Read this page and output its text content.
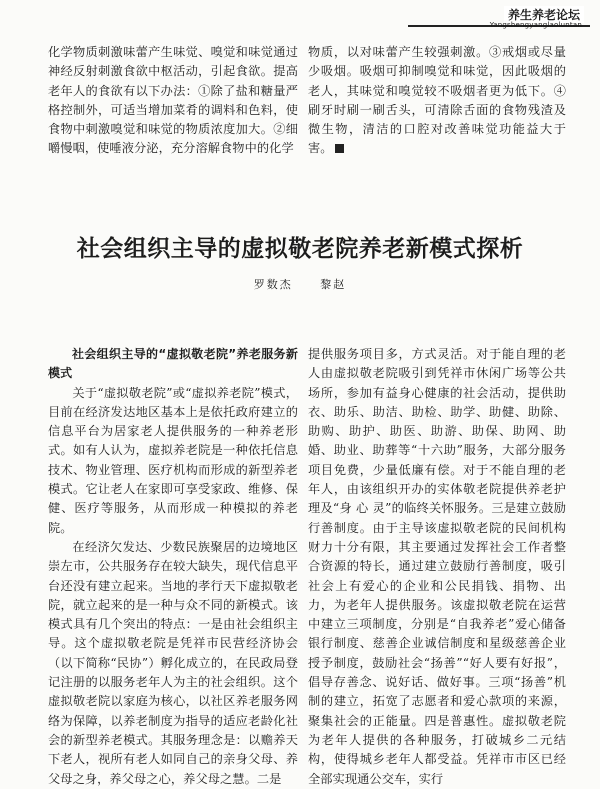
养生养老论坛
Yangshengyanglaoluntan

化学物质刺激味蕾产生味觉、嗅觉和味觉通过神经反射刺激食欲中枢活动，引起食欲。提高老年人的食欲有以下办法：①除了盐和糖量严格控制外，可适当增加菜肴的调料和色料，使食物中刺激嗅觉和味觉的物质浓度加大。②细嚼慢咽，使唾液分泌，充分溶解食物中的化学

物质，以对味蕾产生较强刺激。③戒烟或尽量少吸烟。吸烟可抑制嗅觉和味觉，因此吸烟的老人，其味觉和嗅觉较不吸烟者更为低下。④刷牙时刷一刷舌头，可清除舌面的食物残渣及微生物，清洁的口腔对改善味觉功能益大于害。

社会组织主导的虚拟敬老院养老新模式探析
罗数杰	黎赵

社会组织主导的“虚拟敬老院”养老服务新模式

关于“虚拟敬老院”或“虚拟养老院”模式，目前在经济发达地区基本上是依托政府建立的信息平台为居家老人提供服务的一种养老形式。如有人认为，虚拟养老院是一种依托信息技术、物业管理、医疗机构而形成的新型养老模式。它让老人在家即可享受家政、维修、保健、医疗等服务，从而形成一种模拟的养老院。

在经济欠发达、少数民族聚居的边境地区崇左市，公共服务存在较大缺失，现代信息平台还没有建立起来。当地的孝行天下虚拟敬老院，就立起来的是一种与众不同的新模式。该模式具有几个突出的特点：一是由社会组织主导。这个虚拟敬老院是凭祥市民营经济协会（以下简称“民协”）孵化成立的，在民政局登记注册的以服务老年人为主的社会组织。这个虚拟敬老院以家庭为核心，以社区养老服务网络为保障，以养老制度为指导的适应老龄化社会的新型养老模式。其服务理念是：以赡养天下老人，视所有老人如同自己的亲身父母、养父母之身，养父母之心，养父母之慧。二是

提供服务项目多，方式灵活。对于能自理的老人由虚拟敬老院吸引到凭祥市休闲广场等公共场所，参加有益身心健康的社会活动，提供助衣、助乐、助洁、助检、助学、助健、助除、助购、助护、助医、助游、助保、助网、助婚、助业、助葬等“十六助”服务，大部分服务项目免费，少量低廉有偿。对于不能自理的老年人，由该组织开办的实体敬老院提供养老护理及“身 心 灵”的临终关怀服务。三是建立鼓励行善制度。由于主导该虚拟敬老院的民间机构财力十分有限，其主要通过发挥社会工作者整合资源的特长，通过建立鼓励行善制度，吸引社会上有爱心的企业和公民捐钱、捐物、出力，为老年人提供服务。该虚拟敬老院在运营中建立三项制度，分别是“自我养老”爱心储备银行制度、慈善企业诚信制度和星级慈善企业授予制度，鼓励社会“扬善”“好人要有好报”，倡导存善念、说好话、做好事。三项“扬善”机制的建立，拓宽了志愿者和爱心款项的来源，聚集社会的正能量。四是普惠性。虚拟敬老院为老年人提供的各种服务，打破城乡二元结构，使得城乡老年人都受益。凭祥市市区已经全部实现通公交车，实行
